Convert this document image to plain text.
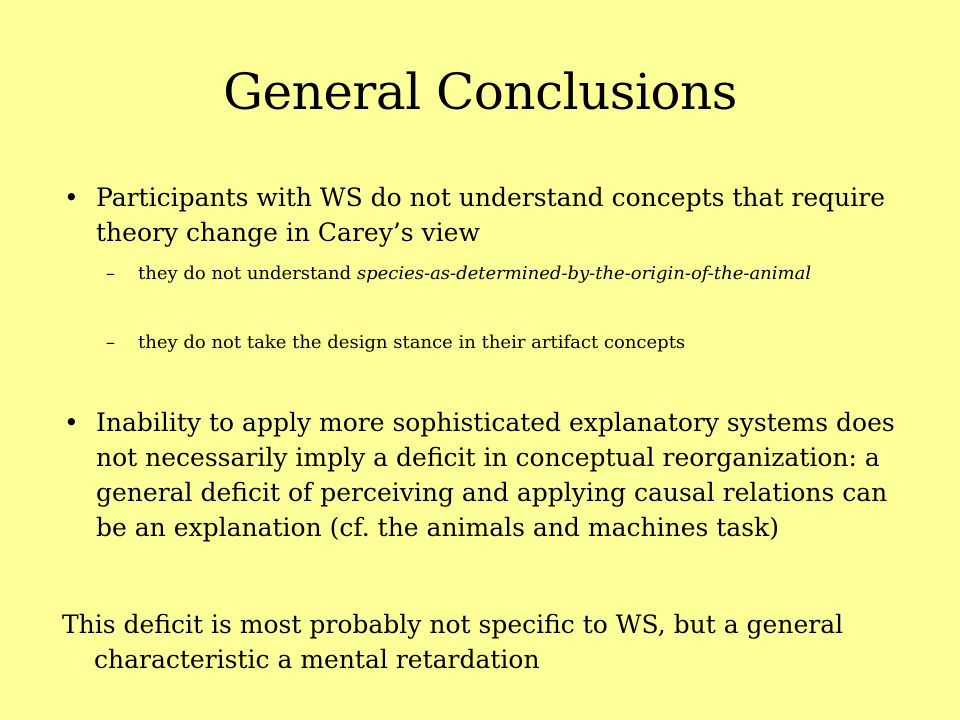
General Conclusions
• Participants with WS do not understand concepts that require theory change in Carey’s view
– they do not understand species-as-determined-by-the-origin-of-the-animal
– they do not take the design stance in their artifact concepts
• Inability to apply more sophisticated explanatory systems does not necessarily imply a deficit in conceptual reorganization: a general deficit of perceiving and applying causal relations can be an explanation (cf. the animals and machines task)
This deficit is most probably not specific to WS, but a general characteristic a mental retardation
